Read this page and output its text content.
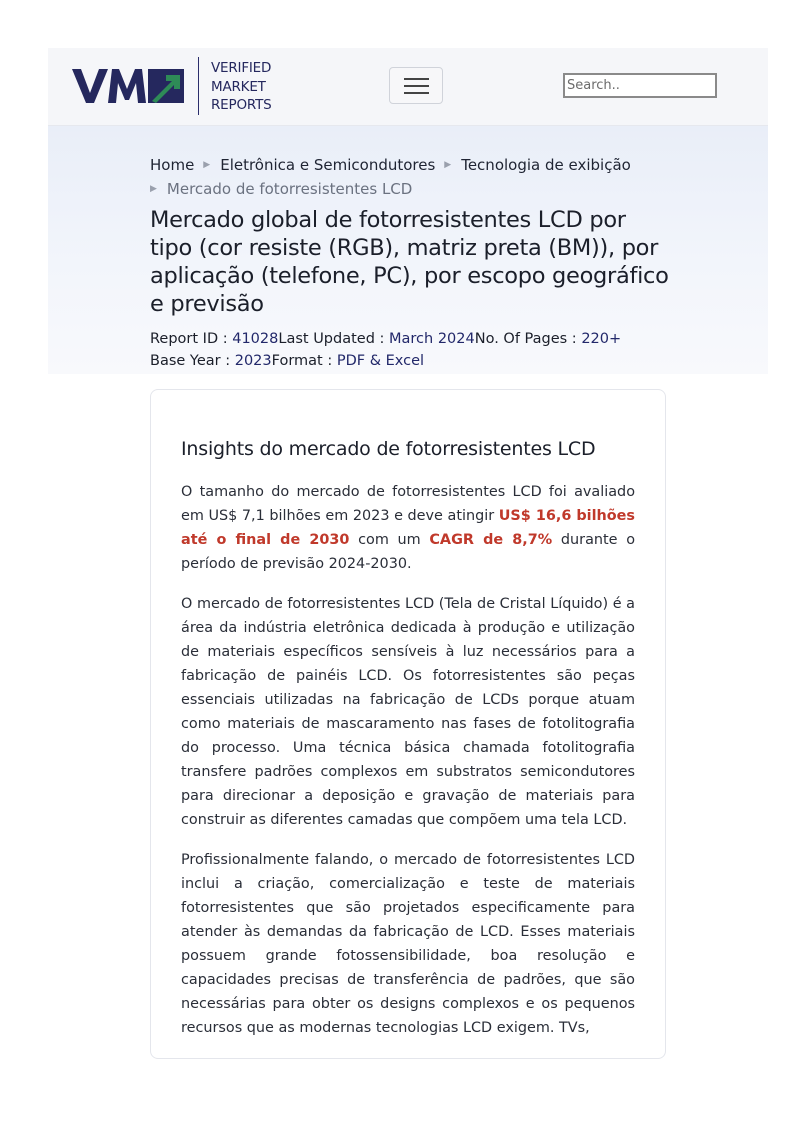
VERIFIED
MARKET
REPORTS
Search..
Home ▶ Eletrônica e Semicondutores ▶ Tecnologia de exibição
▶ Mercado de fotorresistentes LCD
Mercado global de fotorresistentes LCD por tipo (cor resiste (RGB), matriz preta (BM)), por aplicação (telefone, PC), por escopo geográfico e previsão
Report ID : 41028Last Updated : March 2024No. Of Pages : 220+
Base Year : 2023Format : PDF & Excel
Insights do mercado de fotorresistentes LCD

O tamanho do mercado de fotorresistentes LCD foi avaliado em US$ 7,1 bilhões em 2023 e deve atingir US$ 16,6 bilhões até o final de 2030 com um CAGR de 8,7% durante o período de previsão 2024-2030.

O mercado de fotorresistentes LCD (Tela de Cristal Líquido) é a área da indústria eletrônica dedicada à produção e utilização de materiais específicos sensíveis à luz necessários para a fabricação de painéis LCD. Os fotorresistentes são peças essenciais utilizadas na fabricação de LCDs porque atuam como materiais de mascaramento nas fases de fotolitografia do processo. Uma técnica básica chamada fotolitografia transfere padrões complexos em substratos semicondutores para direcionar a deposição e gravação de materiais para construir as diferentes camadas que compõem uma tela LCD.

Profissionalmente falando, o mercado de fotorresistentes LCD inclui a criação, comercialização e teste de materiais fotorresistentes que são projetados especificamente para atender às demandas da fabricação de LCD. Esses materiais possuem grande fotossensibilidade, boa resolução e capacidades precisas de transferência de padrões, que são necessárias para obter os designs complexos e os pequenos recursos que as modernas tecnologias LCD exigem. TVs,
